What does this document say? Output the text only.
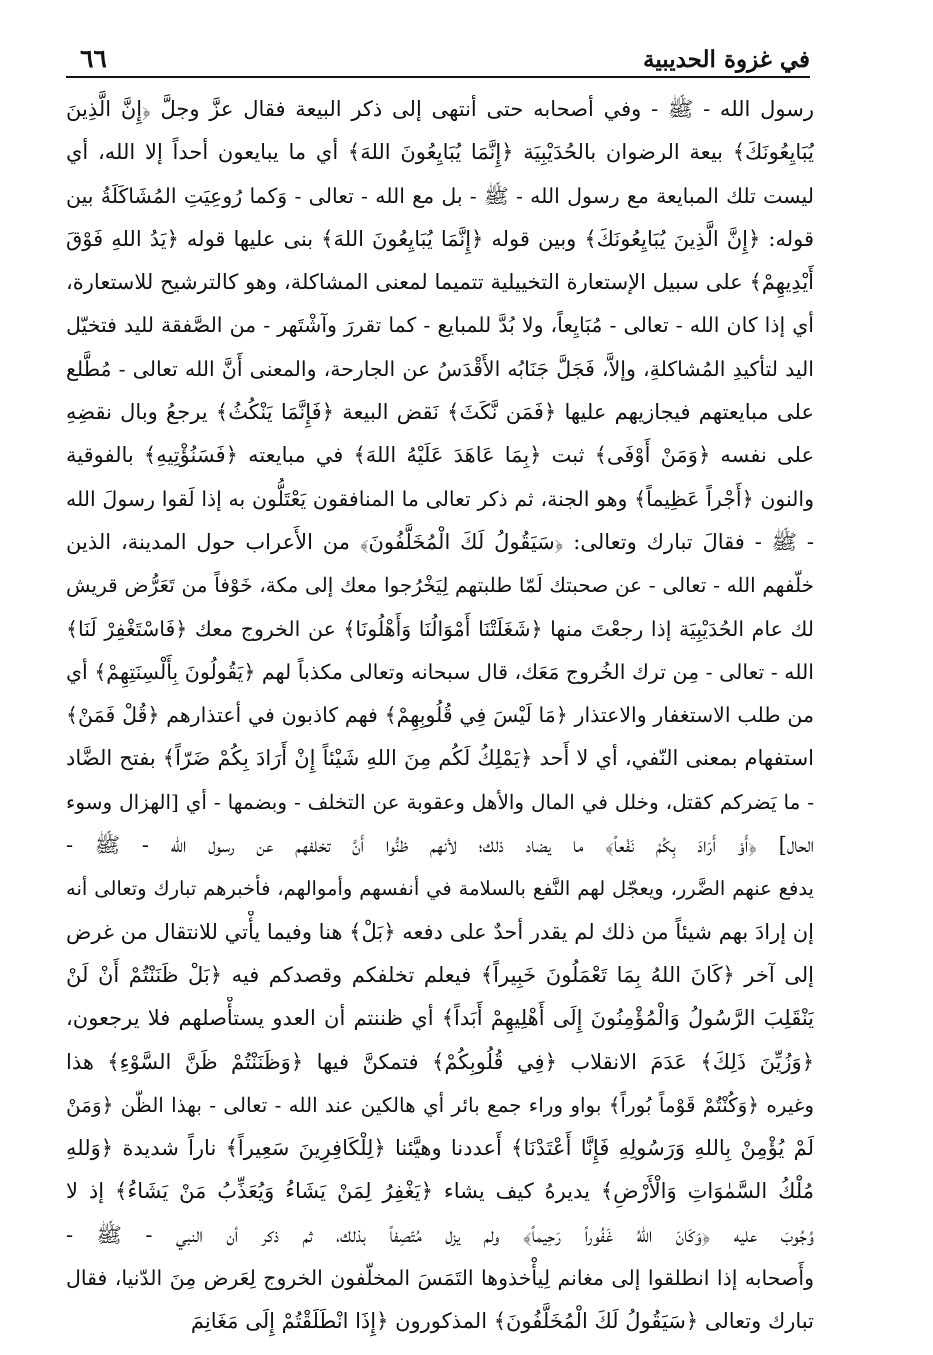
في غزوة الحديبية
٦٦
رسول الله - ﷺ - وفي أصحابه حتى أنتهى إلى ذكر البيعة فقال عزَّ وجلَّ ﴿إِنَّ الَّذِينَ
يُبَايِعُونَكَ﴾ بيعة الرضوان بالحُدَيْبِيَة ﴿إِنَّمَا يُبَايِعُونَ اللهَ﴾ أي ما يبايعون أحداً إلا الله، أي
ليست تلك المبايعة مع رسول الله - ﷺ - بل مع الله - تعالى - وَكما رُوعِيَتِ المُشَاكَلَةُ بين
قوله: ﴿إِنَّ الَّذِينَ يُبَايِعُونَكَ﴾ وبين قوله ﴿إِنَّمَا يُبَايِعُونَ اللهَ﴾ بنى عليها قوله ﴿يَدُ اللهِ فَوْقَ
أَيْدِيهِمْ﴾ على سبيل الإستعارة التخييلية تتميما لمعنى المشاكلة، وهو كالترشيح للاستعارة،
أي إذا كان الله - تعالى - مُبَايِعاً، ولا بُدَّ للمبايع - كما تقررَ وآشْتَهر - من الصَّفقة لليد فتخيّل
اليد لتأكيدِ المُشاكلةِ، وإلاَّ، فَجَلَّ جَنَابُه الأَقْدَسُ عن الجارحة، والمعنى أَنَّ الله تعالى - مُطَّلع
على مبايعتهم فيجازيهم عليها ﴿فَمَن نَّكَثَ﴾ نَقض البيعة ﴿فَإِنَّمَا يَنْكُثُ﴾ يرجعُ وبال نقضِهِ
على نفسه ﴿وَمَنْ أَوْفَى﴾ ثبت ﴿بِمَا عَاهَدَ عَلَيْهُ اللهَ﴾ في مبايعته ﴿فَسَنُؤْتِيهِ﴾ بالفوقية
والنون ﴿أَجْراً عَظِيماً﴾ وهو الجنة، ثم ذكر تعالى ما المنافقون يَعْتَلُّون به إذا لَقوا رسولَ الله
- ﷺ - فقالَ تبارك وتعالى: ﴿سَيَقُولُ لَكَ الْمُخَلَّفُونَ﴾ من الأَعراب حول المدينة، الذين
خلّفهم الله - تعالى - عن صحبتك لَمّا طلبتهم لِيَخْرُجوا معك إلى مكة، خَوْفاً من تَعَرُّض قريش
لك عام الحُدَيْبِيَة إذا رجعْتَ منها ﴿شَغَلَتْنَا أَمْوَالُنَا وَأَهْلُونَا﴾ عن الخروج معك ﴿فَاسْتَغْفِرْ لَنَا﴾
الله - تعالى - مِن ترك الخُروج مَعَك، قال سبحانه وتعالى مكذباً لهم ﴿يَقُولُونَ بِأَلْسِنَتِهِمْ﴾ أي
من طلب الاستغفار والاعتذار ﴿مَا لَيْسَ فِي قُلُوبِهِمْ﴾ فهم كاذبون في أعتذارهم ﴿قُلْ فَمَنْ﴾
استفهام بمعنى النّفي، أي لا أَحد ﴿يَمْلِكُ لَكُم مِنَ اللهِ شَيْئاً إِنْ أَرَادَ بِكُمْ ضَرّاً﴾ بفتح الضَّاد
- ما يَضركم كقتل، وخلل في المال والأهل وعقوبة عن التخلف - وبضمها - أي [الهزال وسوء
الحال] ﴿أَوْ أَرَادَ بِكُمْ نَفْعاً﴾ ما يضاد ذلك؛ لأنهم ظنُّوا أَنَّ تخلفهم عن رسول الله - ﷺ -
يدفع عنهم الضَّرر، ويعجّل لهم النَّفع بالسلامة في أنفسهم وأموالهم، فأخبرهم تبارك وتعالى أنه
إن إرادَ بهم شيئاً من ذلك لم يقدر أحدٌ على دفعه ﴿بَلْ﴾ هنا وفيما يأْتي للانتقال من غرض
إلى آخر ﴿كَانَ اللهُ بِمَا تَعْمَلُونَ خَبِيراً﴾ فيعلم تخلفكم وقصدكم فيه ﴿بَلْ ظَنَنْتُمْ أَنْ لَنْ
يَنْقَلِبَ الرَّسُولُ وَالْمُؤْمِنُونَ إِلَى أَهْلِيهِمْ أَبَداً﴾ أي ظننتم أن العدو يستأْصلهم فلا يرجعون،
﴿وَزُيِّنَ ذَلِكَ﴾ عَدَمَ الانقلاب ﴿فِي قُلُوبِكُمْ﴾ فتمكنَّ فيها ﴿وَظَنَنْتُمْ ظَنَّ السَّوْءِ﴾ هذا
وغيره ﴿وَكُنْتُمْ قَوْماً بُوراً﴾ بواو وراء جمع بائر أي هالكين عند الله - تعالى - بهذا الظّن ﴿وَمَنْ
لَمْ يُؤْمِنْ بِاللهِ وَرَسُولِهِ فَإِنَّا أَعْتَدْنَا﴾ أَعددنا وهيَّئنا ﴿لِلْكَافِرِينَ سَعِيراً﴾ ناراً شديدة ﴿وَللهِ
مُلْكُ السَّمٰوَاتِ وَالْأَرْضِ﴾ يديرهُ كيف يشاء ﴿يَغْفِرُ لِمَنْ يَشَاءُ وَيُعَذِّبُ مَنْ يَشَاءُ﴾ إذ لا
وُجُوبَ عليه ﴿وَكَانَ اللهُ غَفُوراً رَحِيماً﴾ ولم يزل مُتّصِفاً بذلك، ثم ذكر أن النبي - ﷺ -
وأَصحابه إذا انطلقوا إلى مغانم لِيأْخذوها التَمَسَ المخلّفون الخروج لِعَرض مِنَ الدّنيا، فقال
تبارك وتعالى ﴿سَيَقُولُ لَكَ الْمُخَلَّفُونَ﴾ المذكورون ﴿إِذَا انْطَلَقْتُمْ إِلَى مَغَانِمَ
